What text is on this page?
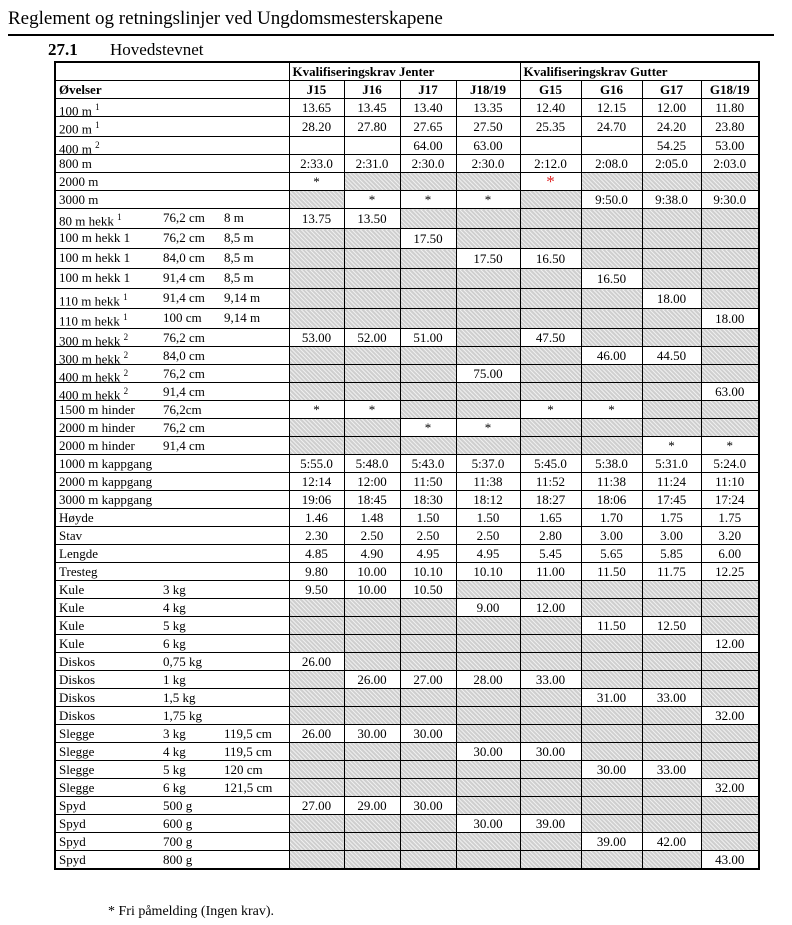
Reglement og retningslinjer ved Ungdomsmesterskapene
27.1 Hovedstevnet
	Kvalifiseringskrav Jenter				Kvalifiseringskrav Gutter			
Øvelser	J15	J16	J17	J18/19	G15	G16	G17	G18/19

100 m $^1$	13.65	13.45	13.40	13.35	12.40	12.15	12.00	11.80

200 m $^1$	28.20	27.80	27.65	27.50	25.35	24.70	24.20	23.80

400 m $^2$			64.00	63.00			54.25	53.00

800 m	2:33.0	2:31.0	2:30.0	2:30.0	2:12.0	2:08.0	2:05.0	2:03.0

2000 m	*				*			

3000 m		*	*	*		9:50.0	9:38.0	9:30.0

80 m hekk $^1$ 76,2 cm 8 m	13.75	13.50						

100 m hekk 1 76,2 cm 8,5 m			17.50					

100 m hekk 1 84,0 cm 8,5 m				17.50	16.50			

100 m hekk 1 91,4 cm 8,5 m						16.50		

110 m hekk $^1$ 91,4 cm 9,14 m							18.00	

110 m hekk $^1$ 100 cm 9,14 m								18.00

300 m hekk $^2$ 76,2 cm	53.00	52.00	51.00		47.50			

300 m hekk $^2$ 84,0 cm						46.00	44.50	

400 m hekk $^2$ 76,2 cm				75.00				

400 m hekk $^2$ 91,4 cm								63.00

1500 m hinder 76,2cm	*	*			*	*		

2000 m hinder 76,2 cm			*	*				

2000 m hinder 91,4 cm							*	*

1000 m kappgang	5:55.0	5:48.0	5:43.0	5:37.0	5:45.0	5:38.0	5:31.0	5:24.0

2000 m kappgang	12:14	12:00	11:50	11:38	11:52	11:38	11:24	11:10

3000 m kappgang	19:06	18:45	18:30	18:12	18:27	18:06	17:45	17:24

Høyde	1.46	1.48	1.50	1.50	1.65	1.70	1.75	1.75

Stav	2.30	2.50	2.50	2.50	2.80	3.00	3.00	3.20

Lengde	4.85	4.90	4.95	4.95	5.45	5.65	5.85	6.00

Tresteg	9.80	10.00	10.10	10.10	11.00	11.50	11.75	12.25

Kule 3 kg	9.50	10.00	10.50					

Kule 4 kg				9.00	12.00			

Kule 5 kg						11.50	12.50	

Kule 6 kg								12.00

Diskos 0,75 kg	26.00							

Diskos 1 kg		26.00	27.00	28.00	33.00			

Diskos 1,5 kg						31.00	33.00	

Diskos 1,75 kg								32.00

Slegge 3 kg 119,5 cm	26.00	30.00	30.00					

Slegge 4 kg 119,5 cm				30.00	30.00			

Slegge 5 kg 120 cm						30.00	33.00	

Slegge 6 kg 121,5 cm								32.00

Spyd 500 g	27.00	29.00	30.00					

Spyd 600 g				30.00	39.00			

Spyd 700 g						39.00	42.00	

Spyd 800 g								43.00
* Fri påmelding (Ingen krav).
